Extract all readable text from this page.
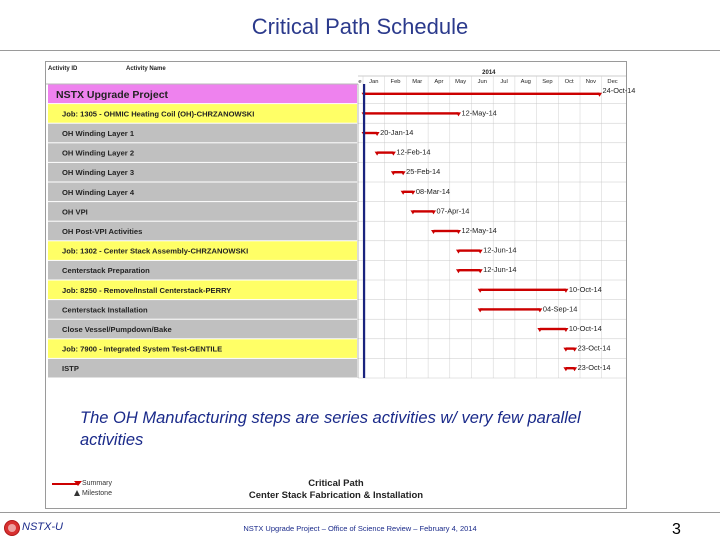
Critical Path Schedule
Activity ID	Activity Name
2014
e Jan Feb Mar Apr May Jun Jul Aug Sep Oct Nov Dec
NSTX Upgrade Project	24-Oct-14
Job: 1305 - OHMIC Heating Coil (OH)-CHRZANOWSKI	12-May-14
OH Winding Layer 1	20-Jan-14
OH Winding Layer 2	12-Feb-14
OH Winding Layer 3	25-Feb-14
OH Winding Layer 4	08-Mar-14
OH VPI	07-Apr-14
OH Post-VPI Activities	12-May-14
Job: 1302 - Center Stack Assembly-CHRZANOWSKI	12-Jun-14
Centerstack Preparation	12-Jun-14
Job: 8250 - Remove/Install Centerstack-PERRY	10-Oct-14
Centerstack Installation	04-Sep-14
Close Vessel/Pumpdown/Bake	10-Oct-14
Job: 7900 - Integrated System Test-GENTILE	23-Oct-14
ISTP	23-Oct-14
The OH Manufacturing steps are series activities w/ very few parallel activities
Summary
Milestone
Critical Path
Center Stack Fabrication & Installation
NSTX-U	NSTX Upgrade Project – Office of Science Review – February 4, 2014	3
